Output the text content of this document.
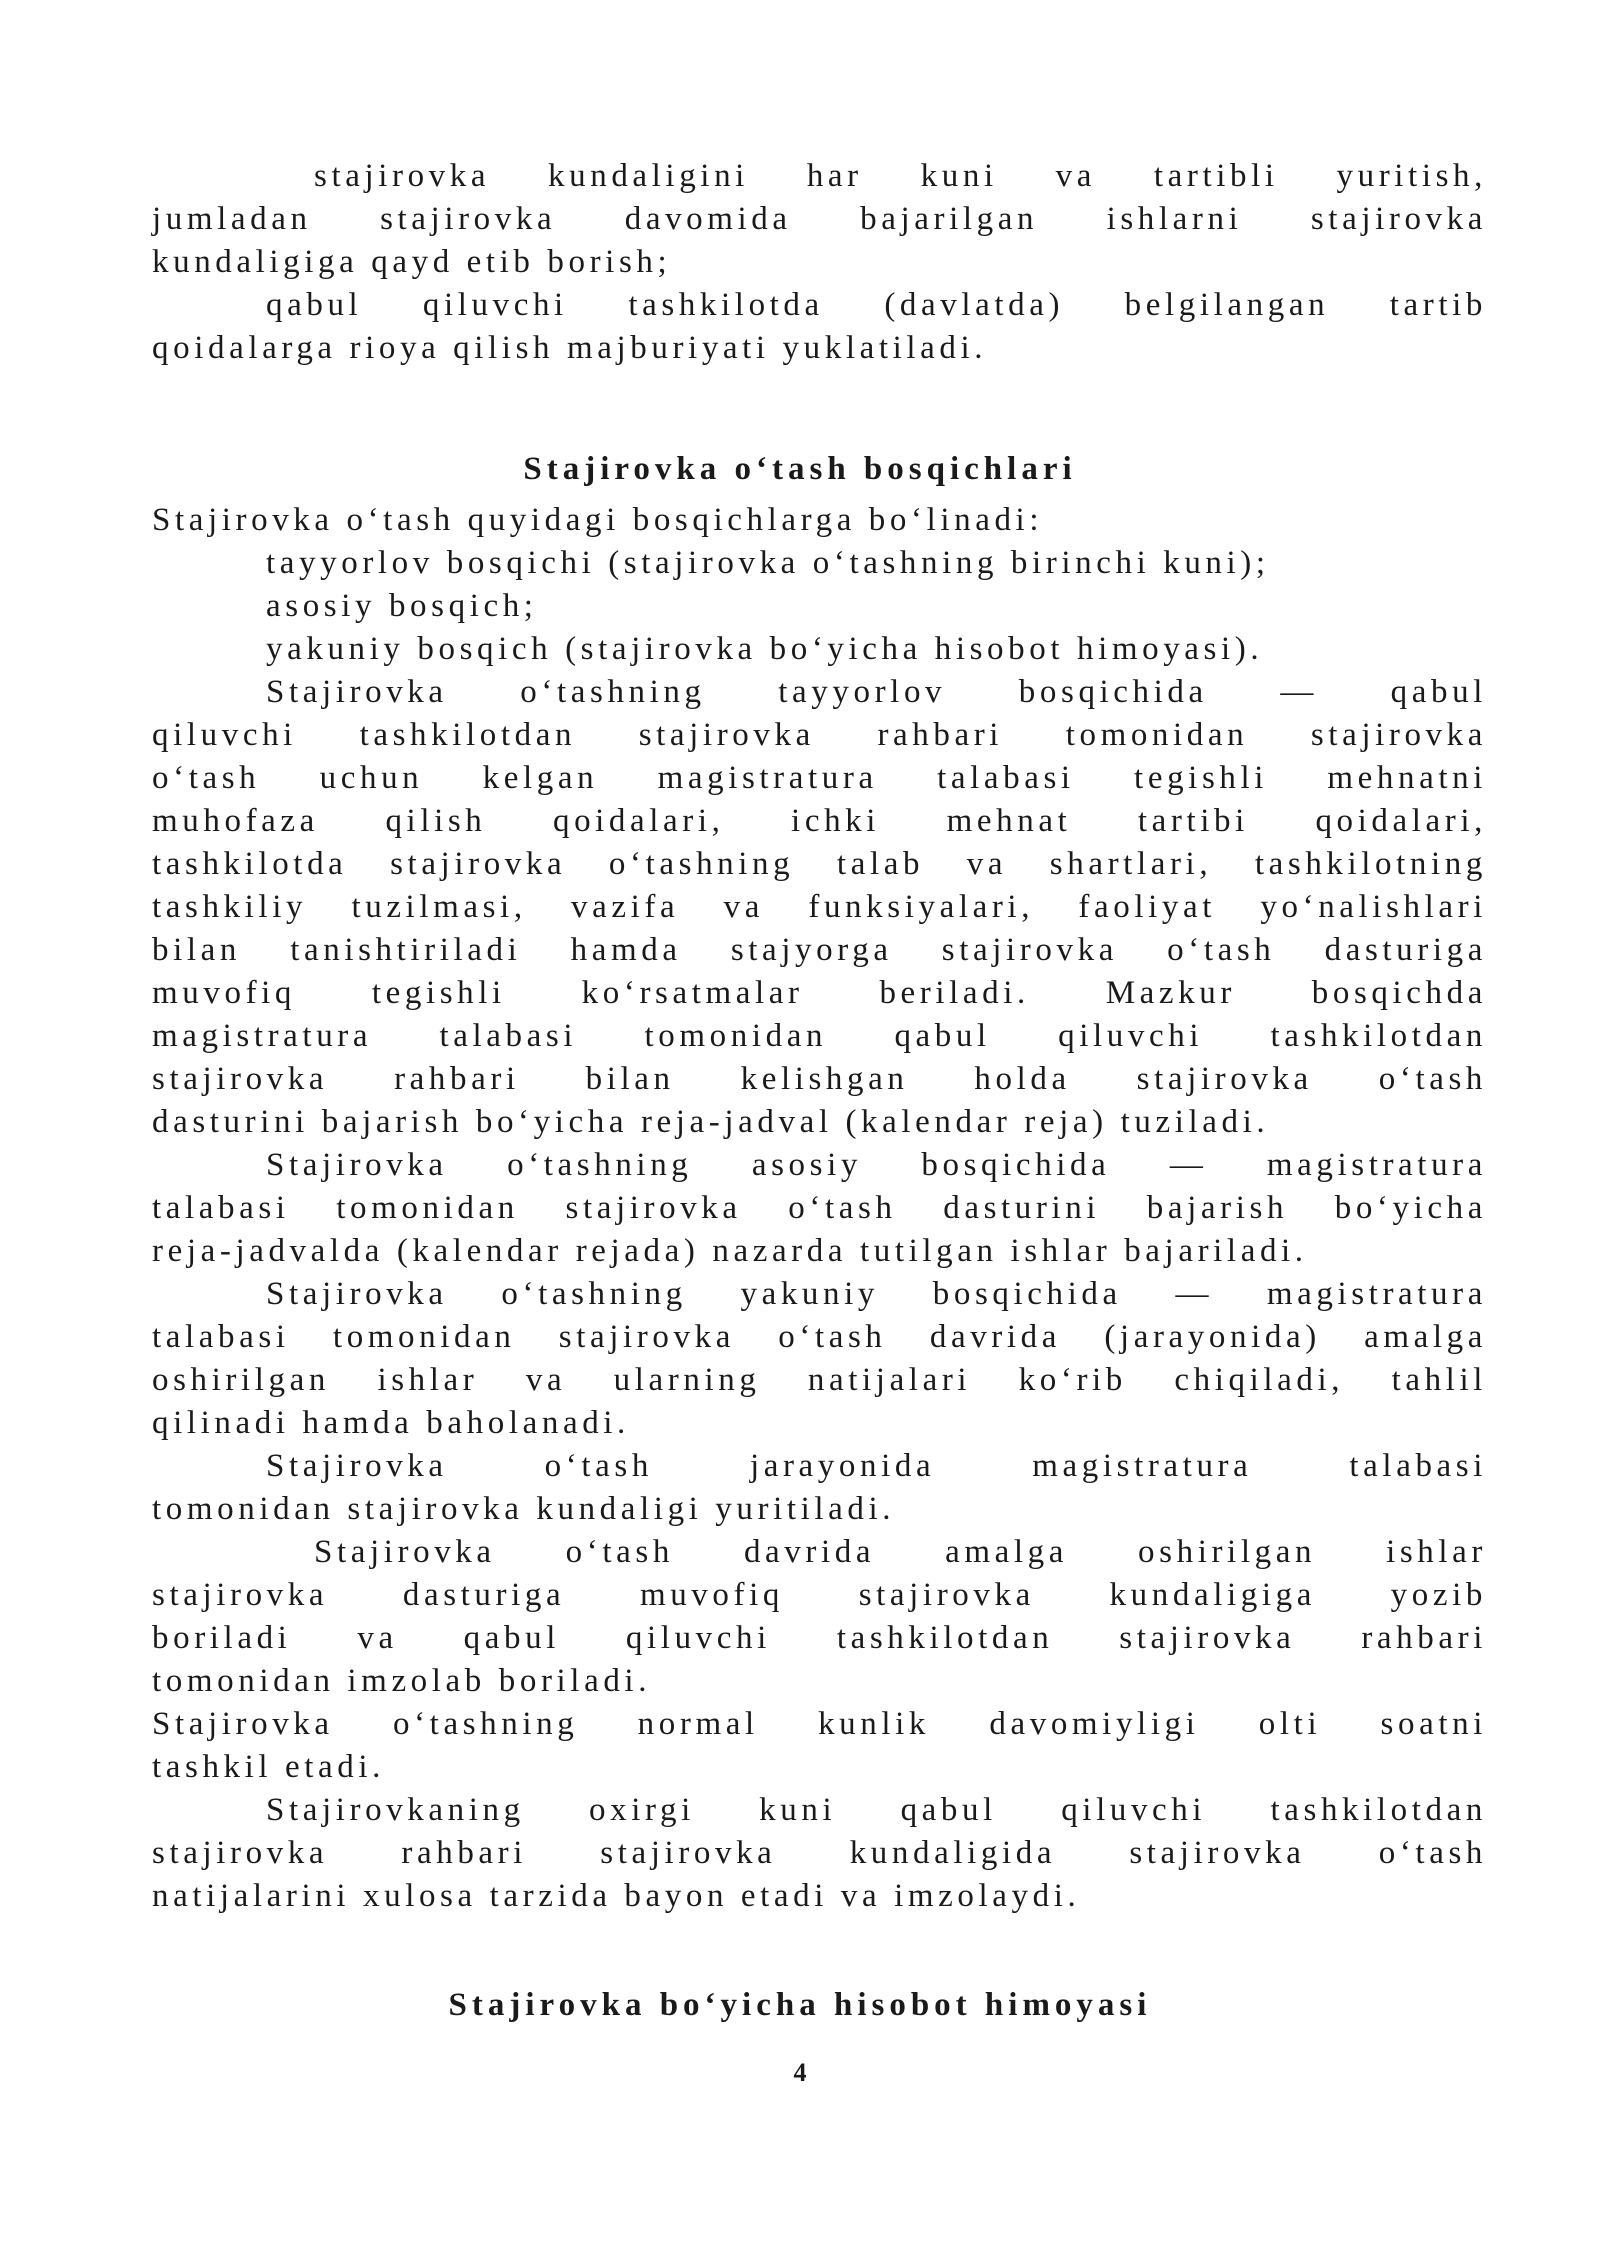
stajirovka kundaligini har kuni va tartibli yuritish,
jumladan stajirovka davomida bajarilgan ishlarni stajirovka
kundaligiga qayd etib borish;
qabul qiluvchi tashkilotda (davlatda) belgilangan tartib
qoidalarga rioya qilish majburiyati yuklatiladi.
Stajirovka o‘tash bosqichlari
Stajirovka o‘tash quyidagi bosqichlarga bo‘linadi:
tayyorlov bosqichi (stajirovka o‘tashning birinchi kuni);
asosiy bosqich;
yakuniy bosqich (stajirovka bo‘yicha hisobot himoyasi).
Stajirovka o‘tashning tayyorlov bosqichida — qabul
qiluvchi tashkilotdan stajirovka rahbari tomonidan stajirovka
o‘tash uchun kelgan magistratura talabasi tegishli mehnatni
muhofaza qilish qoidalari, ichki mehnat tartibi qoidalari,
tashkilotda stajirovka o‘tashning talab va shartlari, tashkilotning
tashkiliy tuzilmasi, vazifa va funksiyalari, faoliyat yo‘nalishlari
bilan tanishtiriladi hamda stajyorga stajirovka o‘tash dasturiga
muvofiq tegishli ko‘rsatmalar beriladi. Mazkur bosqichda
magistratura talabasi tomonidan qabul qiluvchi tashkilotdan
stajirovka rahbari bilan kelishgan holda stajirovka o‘tash
dasturini bajarish bo‘yicha reja-jadval (kalendar reja) tuziladi.
Stajirovka o‘tashning asosiy bosqichida — magistratura
talabasi tomonidan stajirovka o‘tash dasturini bajarish bo‘yicha
reja-jadvalda (kalendar rejada) nazarda tutilgan ishlar bajariladi.
Stajirovka o‘tashning yakuniy bosqichida — magistratura
talabasi tomonidan stajirovka o‘tash davrida (jarayonida) amalga
oshirilgan ishlar va ularning natijalari ko‘rib chiqiladi, tahlil
qilinadi hamda baholanadi.
Stajirovka o‘tash jarayonida magistratura talabasi
tomonidan stajirovka kundaligi yuritiladi.
Stajirovka o‘tash davrida amalga oshirilgan ishlar
stajirovka dasturiga muvofiq stajirovka kundaligiga yozib
boriladi va qabul qiluvchi tashkilotdan stajirovka rahbari
tomonidan imzolab boriladi.
Stajirovka o‘tashning normal kunlik davomiyligi olti soatni
tashkil etadi.
Stajirovkaning oxirgi kuni qabul qiluvchi tashkilotdan
stajirovka rahbari stajirovka kundaligida stajirovka o‘tash
natijalarini xulosa tarzida bayon etadi va imzolaydi.
Stajirovka bo‘yicha hisobot himoyasi
4
